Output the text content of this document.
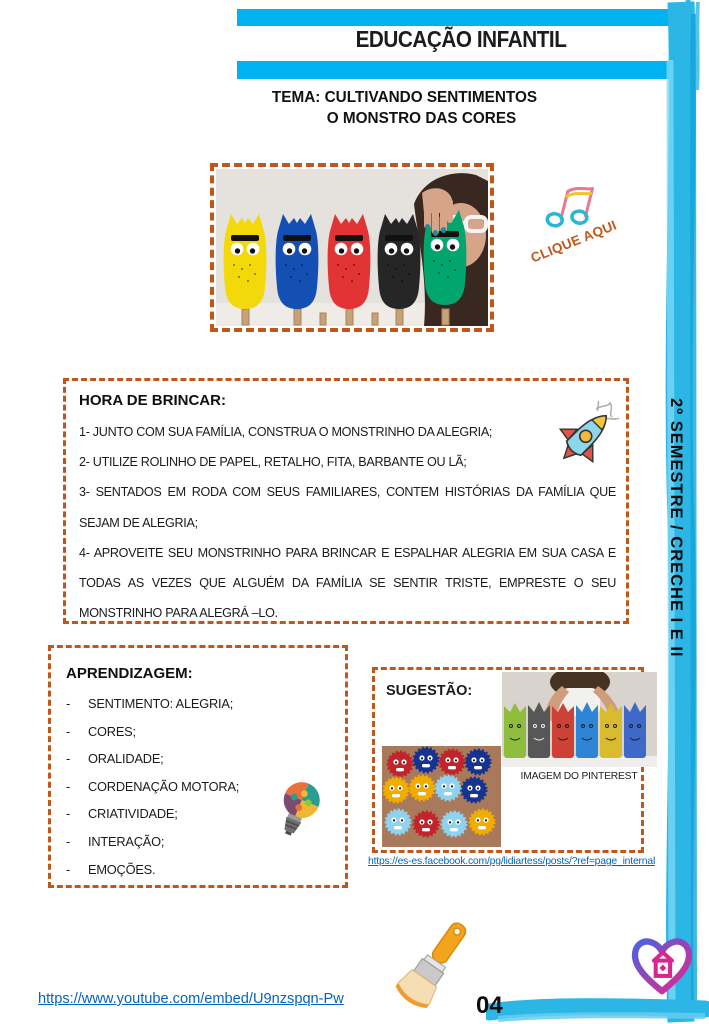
2º SEMESTRE / CRECHE I E II
EDUCAÇÃO INFANTIL
TEMA: CULTIVANDO SENTIMENTOS
O MONSTRO DAS CORES
CLIQUE AQUI
HORA DE BRINCAR:

1- JUNTO COM SUA FAMÍLIA, CONSTRUA O MONSTRINHO DA ALEGRIA;

2- UTILIZE ROLINHO DE PAPEL, RETALHO, FITA, BARBANTE OU LÃ;

3- SENTADOS EM RODA COM SEUS FAMILIARES, CONTEM HISTÓRIAS DA FAMÍLIA QUE SEJAM DE ALEGRIA;

4- APROVEITE SEU MONSTRINHO PARA BRINCAR E ESPALHAR ALEGRIA EM SUA CASA E TODAS AS VEZES QUE ALGUÉM DA FAMÍLIA SE SENTIR TRISTE, EMPRESTE O SEU MONSTRINHO PARA ALEGRÁ –LO.

APRENDIZAGEM:
-	SENTIMENTO: ALEGRIA;
-	CORES;
-	ORALIDADE;
-	CORDENAÇÃO MOTORA;
-	CRIATIVIDADE;
-	INTERAÇÃO;
-	EMOÇÕES.
SUGESTÃO:
IMAGEM DO PINTEREST
https://es-es.facebook.com/pg/lidiartess/posts/?ref=page_internal
https://www.youtube.com/embed/U9nzspqn-Pw	04
